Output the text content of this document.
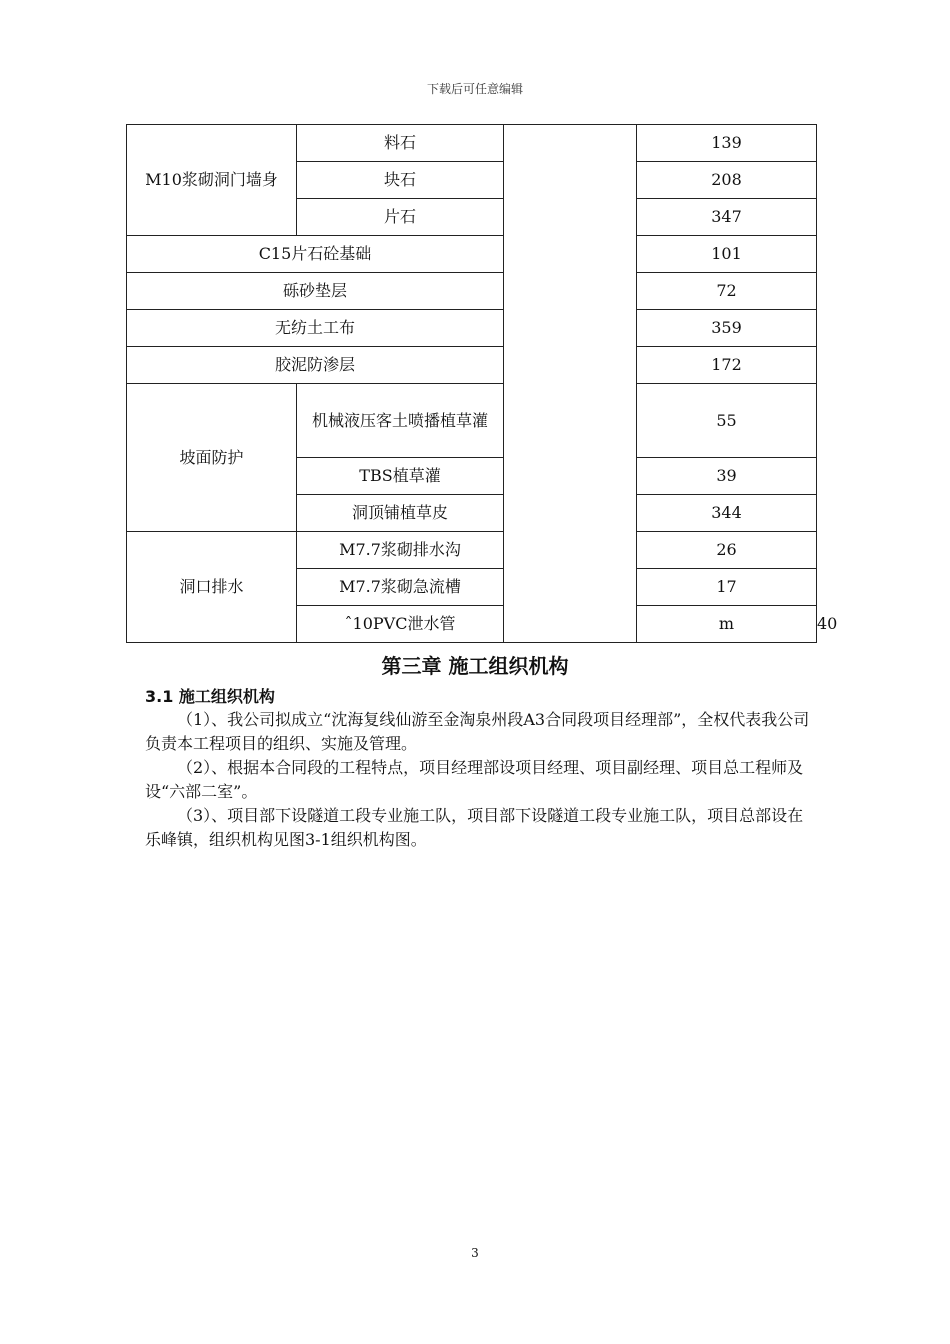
下载后可任意编辑
M10浆砌洞门墙身	料石		139	
	块石		208	
	片石		347	
C15片石砼基础			101	
砾砂垫层			72	
无纺土工布			359	
胶泥防渗层			172	
坡面防护	机械液压客土喷播植草灌		55	
	TBS植草灌		39	
	洞顶铺植草皮		344	
洞口排水	M7.7浆砌排水沟		26	
	M7.7浆砌急流槽		17	
	ˆ10PVC泄水管		m	40
第三章 施工组织机构
3.1 施工组织机构

（1）、我公司拟成立“沈海复线仙游至金淘泉州段A3合同段项目经理部”，全权代表我公司负责本工程项目的组织、实施及管理。

（2）、根据本合同段的工程特点，项目经理部设项目经理、项目副经理、项目总工程师及设“六部二室”。

（3）、项目部下设隧道工段专业施工队，项目部下设隧道工段专业施工队，项目总部设在乐峰镇，组织机构见图3-1组织机构图。

3
